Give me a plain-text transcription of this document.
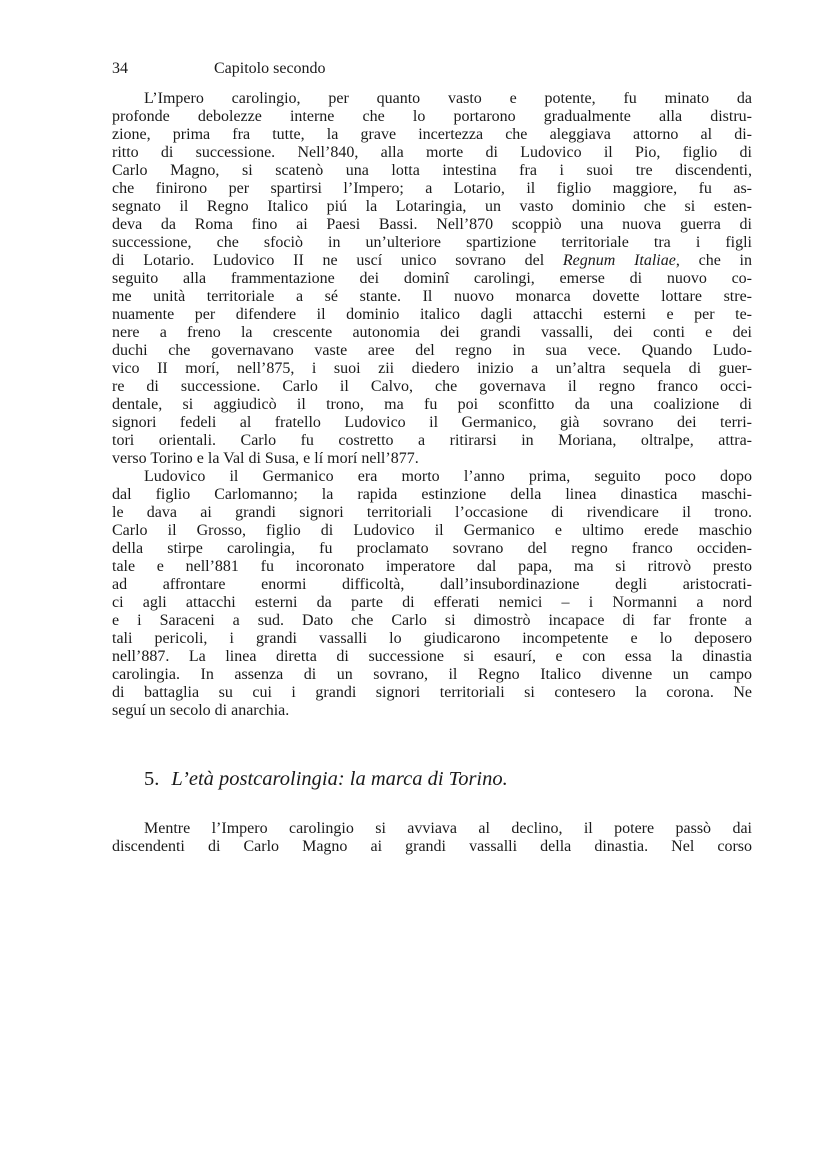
34	Capitolo secondo
L’Impero carolingio, per quanto vasto e potente, fu minato da
profonde debolezze interne che lo portarono gradualmente alla distru-
zione, prima fra tutte, la grave incertezza che aleggiava attorno al di-
ritto di successione. Nell’840, alla morte di Ludovico il Pio, figlio di
Carlo Magno, si scatenò una lotta intestina fra i suoi tre discendenti,
che finirono per spartirsi l’Impero; a Lotario, il figlio maggiore, fu as-
segnato il Regno Italico piú la Lotaringia, un vasto dominio che si esten-
deva da Roma fino ai Paesi Bassi. Nell’870 scoppiò una nuova guerra di
successione, che sfociò in un’ulteriore spartizione territoriale tra i figli
di Lotario. Ludovico II ne uscí unico sovrano del Regnum Italiae, che in
seguito alla frammentazione dei dominî carolingi, emerse di nuovo co-
me unità territoriale a sé stante. Il nuovo monarca dovette lottare stre-
nuamente per difendere il dominio italico dagli attacchi esterni e per te-
nere a freno la crescente autonomia dei grandi vassalli, dei conti e dei
duchi che governavano vaste aree del regno in sua vece. Quando Ludo-
vico II morí, nell’875, i suoi zii diedero inizio a un’altra sequela di guer-
re di successione. Carlo il Calvo, che governava il regno franco occi-
dentale, si aggiudicò il trono, ma fu poi sconfitto da una coalizione di
signori fedeli al fratello Ludovico il Germanico, già sovrano dei terri-
tori orientali. Carlo fu costretto a ritirarsi in Moriana, oltralpe, attra-
verso Torino e la Val di Susa, e lí morí nell’877.
Ludovico il Germanico era morto l’anno prima, seguito poco dopo
dal figlio Carlomanno; la rapida estinzione della linea dinastica maschi-
le dava ai grandi signori territoriali l’occasione di rivendicare il trono.
Carlo il Grosso, figlio di Ludovico il Germanico e ultimo erede maschio
della stirpe carolingia, fu proclamato sovrano del regno franco occiden-
tale e nell’881 fu incoronato imperatore dal papa, ma si ritrovò presto
ad affrontare enormi difficoltà, dall’insubordinazione degli aristocrati-
ci agli attacchi esterni da parte di efferati nemici – i Normanni a nord
e i Saraceni a sud. Dato che Carlo si dimostrò incapace di far fronte a
tali pericoli, i grandi vassalli lo giudicarono incompetente e lo deposero
nell’887. La linea diretta di successione si esaurí, e con essa la dinastia
carolingia. In assenza di un sovrano, il Regno Italico divenne un campo
di battaglia su cui i grandi signori territoriali si contesero la corona. Ne
seguí un secolo di anarchia.
5. L’età postcarolingia: la marca di Torino.
Mentre l’Impero carolingio si avviava al declino, il potere passò dai
discendenti di Carlo Magno ai grandi vassalli della dinastia. Nel corso
